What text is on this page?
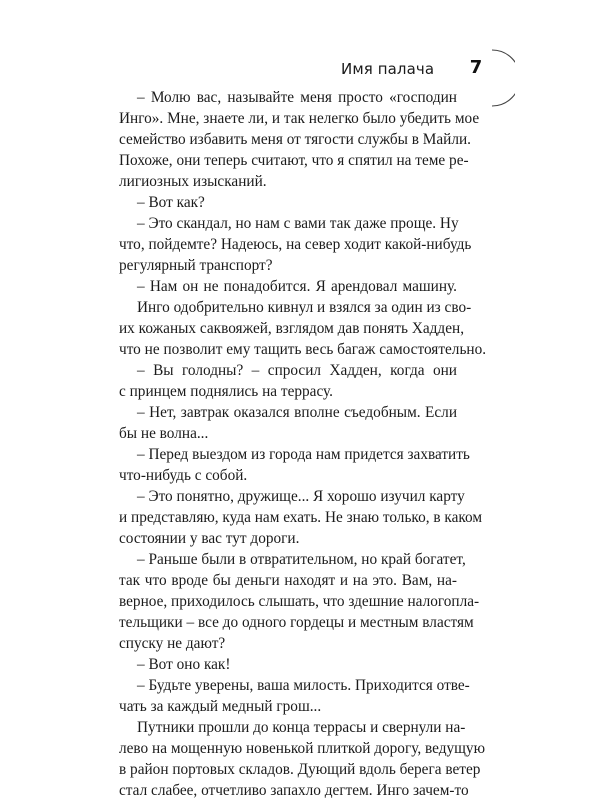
Имя палача 7
– Молю вас, называйте меня просто «господин
Инго». Мне, знаете ли, и так нелегко было убедить мое
семейство избавить меня от тягости службы в Майли.
Похоже, они теперь считают, что я спятил на теме ре-
лигиозных изысканий.
– Вот как?
– Это скандал, но нам с вами так даже проще. Ну
что, пойдемте? Надеюсь, на север ходит какой-нибудь
регулярный транспорт?
– Нам он не понадобится. Я арендовал машину.
Инго одобрительно кивнул и взялся за один из сво-
их кожаных саквояжей, взглядом дав понять Хадден,
что не позволит ему тащить весь багаж самостоятельно.
– Вы голодны? – спросил Хадден, когда они
с принцем поднялись на террасу.
– Нет, завтрак оказался вполне съедобным. Если
бы не волна...
– Перед выездом из города нам придется захватить
что-нибудь с собой.
– Это понятно, дружище... Я хорошо изучил карту
и представляю, куда нам ехать. Не знаю только, в каком
состоянии у вас тут дороги.
– Раньше были в отвратительном, но край богатет,
так что вроде бы деньги находят и на это. Вам, на-
верное, приходилось слышать, что здешние налогопла-
тельщики – все до одного гордецы и местным властям
спуску не дают?
– Вот оно как!
– Будьте уверены, ваша милость. Приходится отве-
чать за каждый медный грош...
Путники прошли до конца террасы и свернули на-
лево на мощенную новенькой плиткой дорогу, ведущую
в район портовых складов. Дующий вдоль берега ветер
стал слабее, отчетливо запахло дегтем. Инго зачем-то
